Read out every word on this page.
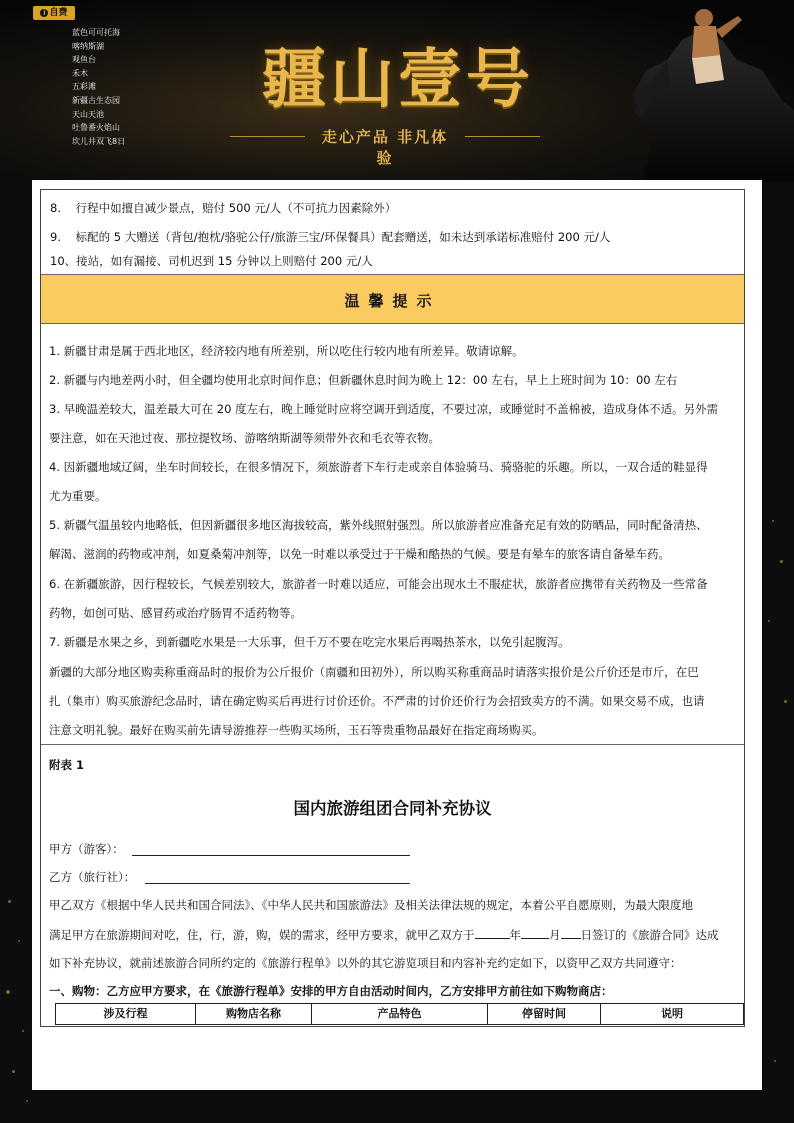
i 自费
蓝色可可托海
喀纳斯湖
观鱼台
禾木
五彩滩
新疆古生态园
天山天池
吐鲁番火焰山
坎儿井双飞8日
疆山壹号
走心产品 非凡体验
8.    行程中如擅自减少景点，赔付 500 元/人（不可抗力因素除外）
9.    标配的 5 大赠送（背包/抱枕/骆驼公仔/旅游三宝/环保餐具）配套赠送，如未达到承诺标准赔付 200 元/人
10、接站，如有漏接、司机迟到 15 分钟以上则赔付 200 元/人
温馨提示
1. 新疆甘肃是属于西北地区，经济较内地有所差别，所以吃住行较内地有所差异。敬请谅解。
2. 新疆与内地差两小时，但全疆均使用北京时间作息；但新疆休息时间为晚上 12：00 左右，早上上班时间为 10：00 左右
3. 早晚温差较大，温差最大可在 20 度左右，晚上睡觉时应将空调开到适度，不要过凉，或睡觉时不盖棉被，造成身体不适。另外需
要注意，如在天池过夜、那拉提牧场、游喀纳斯湖等须带外衣和毛衣等衣物。
4. 因新疆地域辽阔，坐车时间较长，在很多情况下，须旅游者下车行走或亲自体验骑马、骑骆驼的乐趣。所以，一双合适的鞋显得
尤为重要。
5. 新疆气温虽较内地略低，但因新疆很多地区海拔较高，紫外线照射强烈。所以旅游者应准备充足有效的防晒品，同时配备清热、
解渴、滋润的药物或冲剂，如夏桑菊冲剂等，以免一时难以承受过于干燥和酷热的气候。要是有晕车的旅客请自备晕车药。
6. 在新疆旅游，因行程较长，气候差别较大，旅游者一时难以适应，可能会出现水土不服症状，旅游者应携带有关药物及一些常备
药物，如创可贴、感冒药或治疗肠胃不适药物等。
7. 新疆是水果之乡，到新疆吃水果是一大乐事，但千万不要在吃完水果后再喝热茶水，以免引起腹泻。
新疆的大部分地区购卖称重商品时的报价为公斤报价（南疆和田初外），所以购买称重商品时请落实报价是公斤价还是市斤，在巴
扎（集市）购买旅游纪念品时，请在确定购买后再进行讨价还价。不严肃的讨价还价行为会招致卖方的不满。如果交易不成，也请
注意文明礼貌。最好在购买前先请导游推荐一些购买场所，玉石等贵重物品最好在指定商场购买。
附表 1
国内旅游组团合同补充协议
甲方（游客）：
乙方（旅行社）：
甲乙双方《根据中华人民共和国合同法》、《中华人民共和国旅游法》及相关法律法规的规定，本着公平自愿原则，为最大限度地
满足甲方在旅游期间对吃，住，行，游，购，娱的需求，经甲方要求，就甲乙双方于	年 月 日签订的《旅游合同》达成
如下补充协议，就前述旅游合同所约定的《旅游行程单》以外的其它游览项目和内容补充约定如下，以资甲乙双方共同遵守：
一、购物：乙方应甲方要求，在《旅游行程单》安排的甲方自由活动时间内，乙方安排甲方前往如下购物商店：
涉及行程	购物店名称	产品特色	停留时间	说明
